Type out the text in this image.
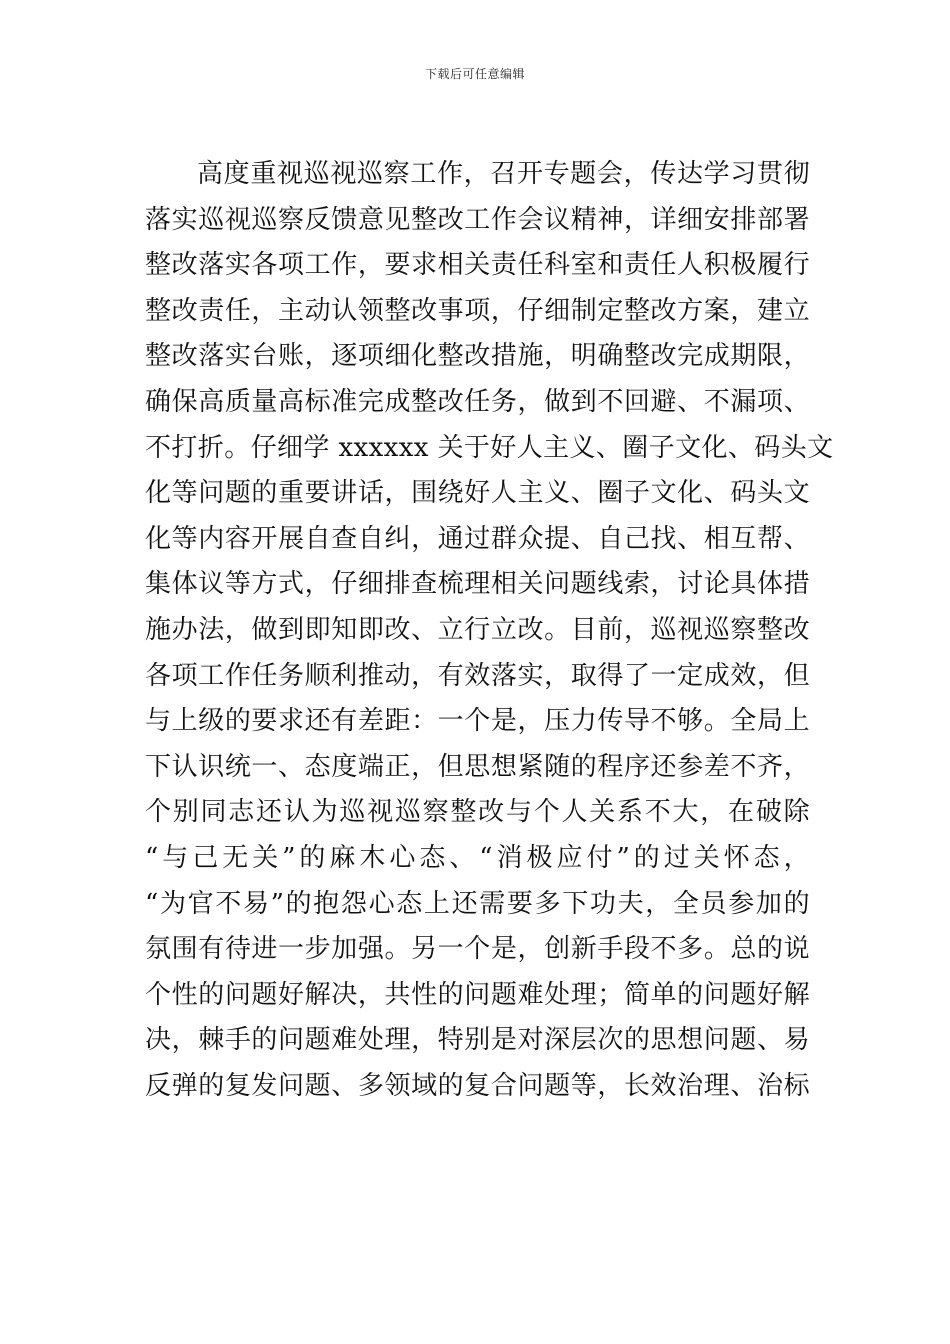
下载后可任意编辑
高度重视巡视巡察工作，召开专题会，传达学习贯彻
落实巡视巡察反馈意见整改工作会议精神，详细安排部署
整改落实各项工作，要求相关责任科室和责任人积极履行
整改责任，主动认领整改事项，仔细制定整改方案，建立
整改落实台账，逐项细化整改措施，明确整改完成期限，
确保高质量高标准完成整改任务，做到不回避、不漏项、
不打折。仔细学 xxxxxx 关于好人主义、圈子文化、码头文
化等问题的重要讲话，围绕好人主义、圈子文化、码头文
化等内容开展自查自纠，通过群众提、自己找、相互帮、
集体议等方式，仔细排查梳理相关问题线索，讨论具体措
施办法，做到即知即改、立行立改。目前，巡视巡察整改
各项工作任务顺利推动，有效落实，取得了一定成效，但
与上级的要求还有差距：一个是，压力传导不够。全局上
下认识统一、态度端正，但思想紧随的程序还参差不齐，
个别同志还认为巡视巡察整改与个人关系不大，在破除
“与己无关”的麻木心态、“消极应付”的过关怀态，
“为官不易”的抱怨心态上还需要多下功夫，全员参加的
氛围有待进一步加强。另一个是，创新手段不多。总的说
个性的问题好解决，共性的问题难处理；简单的问题好解
决，棘手的问题难处理，特别是对深层次的思想问题、易
反弹的复发问题、多领域的复合问题等，长效治理、治标
